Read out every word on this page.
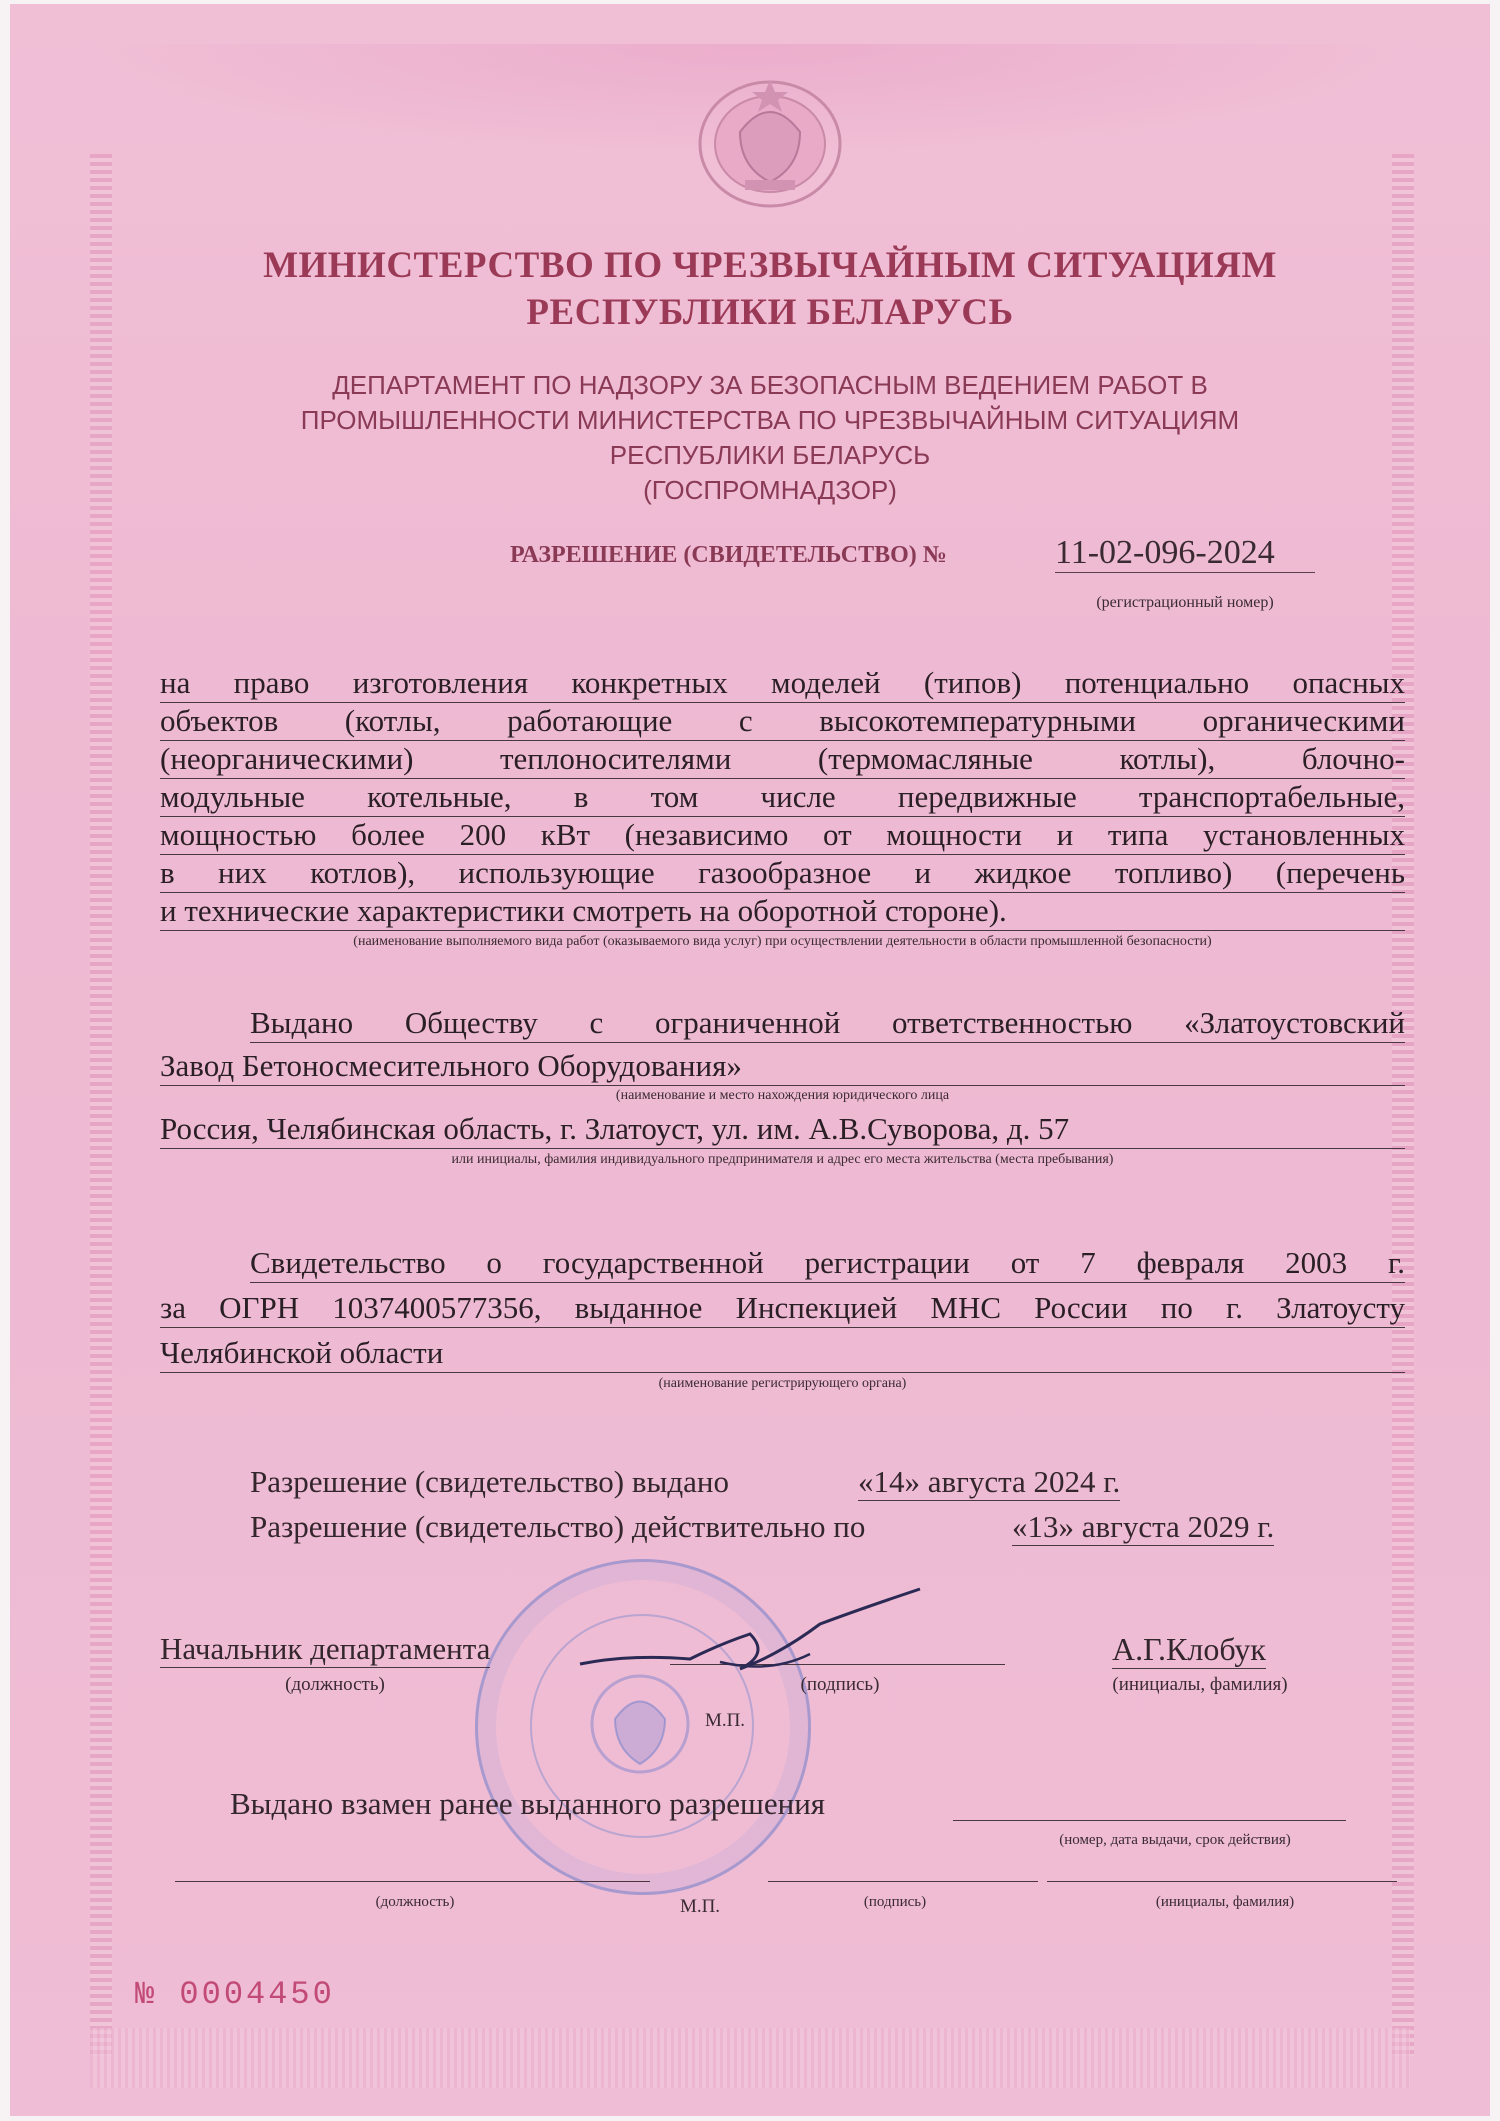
МИНИСТЕРСТВО ПО ЧРЕЗВЫЧАЙНЫМ СИТУАЦИЯМ
РЕСПУБЛИКИ БЕЛАРУСЬ
ДЕПАРТАМЕНТ ПО НАДЗОРУ ЗА БЕЗОПАСНЫМ ВЕДЕНИЕМ РАБОТ В
ПРОМЫШЛЕННОСТИ МИНИСТЕРСТВА ПО ЧРЕЗВЫЧАЙНЫМ СИТУАЦИЯМ
РЕСПУБЛИКИ БЕЛАРУСЬ
(ГОСПРОМНАДЗОР)
РАЗРЕШЕНИЕ (СВИДЕТЕЛЬСТВО) №	11-02-096-2024
(регистрационный номер)
на право изготовления конкретных моделей (типов) потенциально опасных
объектов (котлы, работающие с высокотемпературными органическими
(неорганическими) теплоносителями (термомасляные котлы), блочно-
модульные котельные, в том числе передвижные транспортабельные,
мощностью более 200 кВт (независимо от мощности и типа установленных
в них котлов), использующие газообразное и жидкое топливо) (перечень
и технические характеристики смотреть на оборотной стороне).
(наименование выполняемого вида работ (оказываемого вида услуг) при осуществлении деятельности в области промышленной безопасности)
Выдано Обществу с ограниченной ответственностью «Златоустовский
Завод Бетоносмесительного Оборудования»
(наименование и место нахождения юридического лица
Россия, Челябинская область, г. Златоуст, ул. им. А.В.Суворова, д. 57
или инициалы, фамилия индивидуального предпринимателя и адрес его места жительства (места пребывания)
Свидетельство о государственной регистрации от 7 февраля 2003 г.
за ОГРН 1037400577356, выданное Инспекцией МНС России по г. Златоусту
Челябинской области
(наименование регистрирующего органа)
Разрешение (свидетельство) выдано	«14» августа 2024 г.
Разрешение (свидетельство) действительно по	«13» августа 2029 г.
Начальник департамента
(должность)	(подпись)
М.П.
А.Г.Клобук
(инициалы, фамилия)
Выдано взамен ранее выданного разрешения
(номер, дата выдачи, срок действия)
(должность)	М.П.	(подпись)	(инициалы, фамилия)
№ 0004450
